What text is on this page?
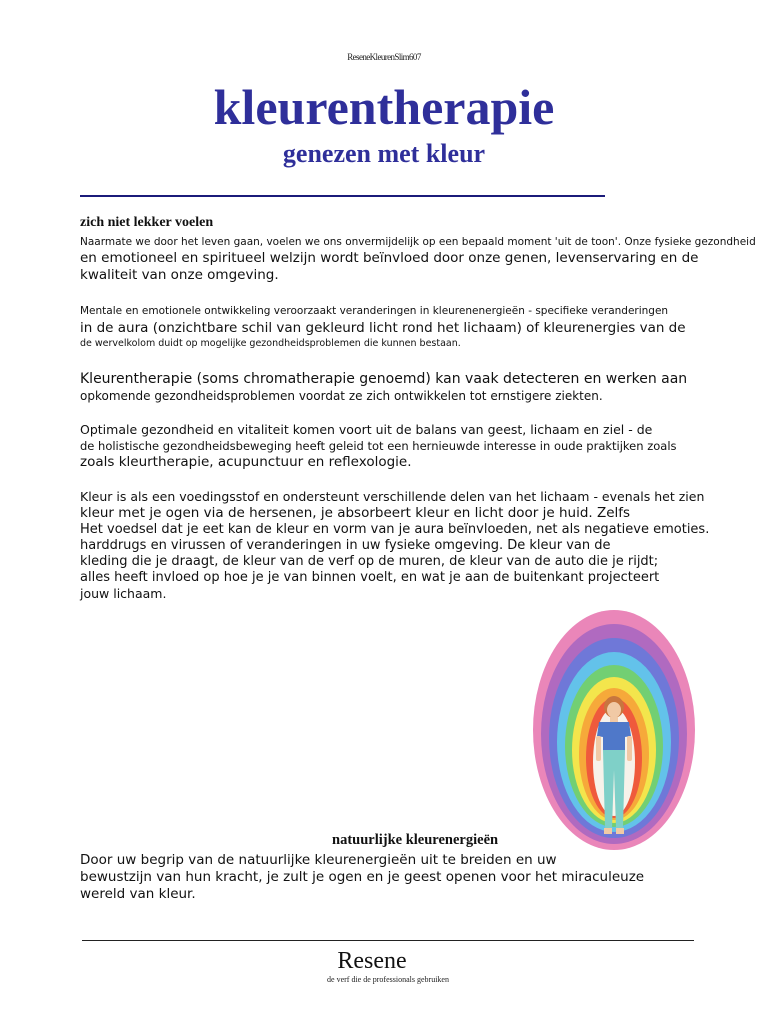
ReseneKleurenSlim607
kleurentherapie
genezen met kleur
zich niet lekker voelen
Naarmate we door het leven gaan, voelen we ons onvermijdelijk op een bepaald moment 'uit de toon'. Onze fysieke gezondheid
en emotioneel en spiritueel welzijn wordt beïnvloed door onze genen, levenservaring en de
kwaliteit van onze omgeving.
Mentale en emotionele ontwikkeling veroorzaakt veranderingen in kleurenenergieën - specifieke veranderingen
in de aura (onzichtbare schil van gekleurd licht rond het lichaam) of kleurenergies van de
de wervelkolom duidt op mogelijke gezondheidsproblemen die kunnen bestaan.
Kleurentherapie (soms chromatherapie genoemd) kan vaak detecteren en werken aan
opkomende gezondheidsproblemen voordat ze zich ontwikkelen tot ernstigere ziekten.
Optimale gezondheid en vitaliteit komen voort uit de balans van geest, lichaam en ziel - de
de holistische gezondheidsbeweging heeft geleid tot een hernieuwde interesse in oude praktijken zoals
zoals kleurtherapie, acupunctuur en reflexologie.
Kleur is als een voedingsstof en ondersteunt verschillende delen van het lichaam - evenals het zien
kleur met je ogen via de hersenen, je absorbeert kleur en licht door je huid. Zelfs
Het voedsel dat je eet kan de kleur en vorm van je aura beïnvloeden, net als negatieve emoties.
harddrugs en virussen of veranderingen in uw fysieke omgeving. De kleur van de
kleding die je draagt, de kleur van de verf op de muren, de kleur van de auto die je rijdt;
alles heeft invloed op hoe je je van binnen voelt, en wat je aan de buitenkant projecteert
jouw lichaam.
natuurlijke kleurenergieën
Door uw begrip van de natuurlijke kleurenergieën uit te breiden en uw
bewustzijn van hun kracht, je zult je ogen en je geest openen voor het miraculeuze
wereld van kleur.
Resene
de verf die de professionals gebruiken
